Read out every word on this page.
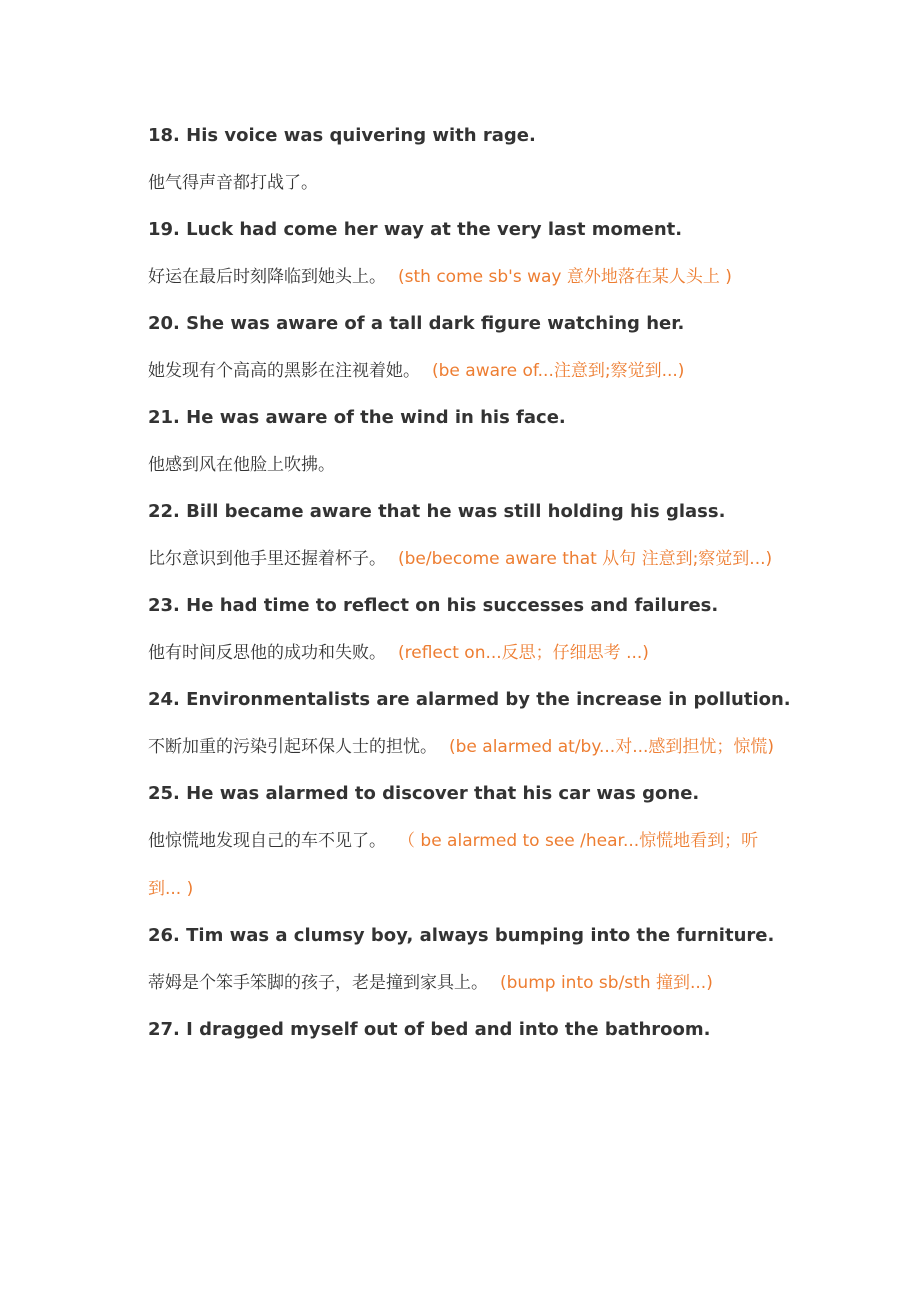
18. His voice was quivering with rage.

他气得声音都打战了。

19. Luck had come her way at the very last moment.

好运在最后时刻降临到她头上。 (sth come sb's way 意外地落在某人头上 )

20. She was aware of a tall dark figure watching her.

她发现有个高高的黑影在注视着她。 (be aware of...注意到;察觉到...)

21. He was aware of the wind in his face.

他感到风在他脸上吹拂。

22. Bill became aware that he was still holding his glass.

比尔意识到他手里还握着杯子。 (be/become aware that 从句 注意到;察觉到...)

23. He had time to reflect on his successes and failures.

他有时间反思他的成功和失败。 (reflect on...反思；仔细思考 ...)

24. Environmentalists are alarmed by the increase in pollution.

不断加重的污染引起环保人士的担忧。 (be alarmed at/by...对...感到担忧；惊慌)

25. He was alarmed to discover that his car was gone.

他惊慌地发现自己的车不见了。 （ be alarmed to see /hear...惊慌地看到；听到... )

26. Tim was a clumsy boy, always bumping into the furniture.

蒂姆是个笨手笨脚的孩子，老是撞到家具上。 (bump into sb/sth 撞到...)

27. I dragged myself out of bed and into the bathroom.
